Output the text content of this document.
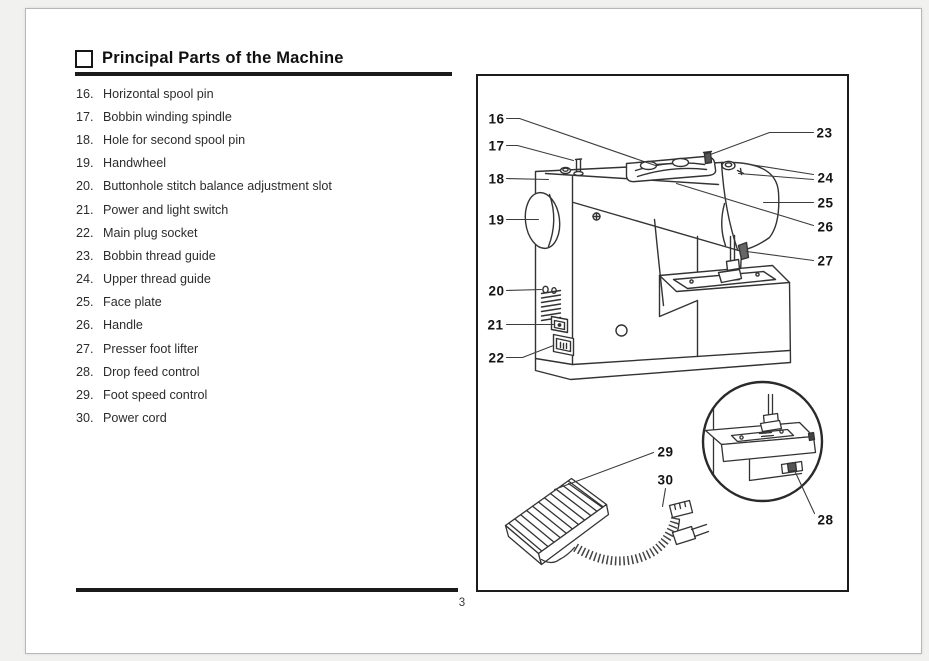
Principal Parts of the Machine
16. Horizontal spool pin
17. Bobbin winding spindle
18. Hole for second spool pin
19. Handwheel
20. Buttonhole stitch balance adjustment slot
21. Power and light switch
22. Main plug socket
23. Bobbin thread guide
24. Upper thread guide
25. Face plate
26. Handle
27. Presser foot lifter
28. Drop feed control
29. Foot speed control
30. Power cord
16
17
18
19
20
21
22
23
24
25
26
27
28
29
30
3
